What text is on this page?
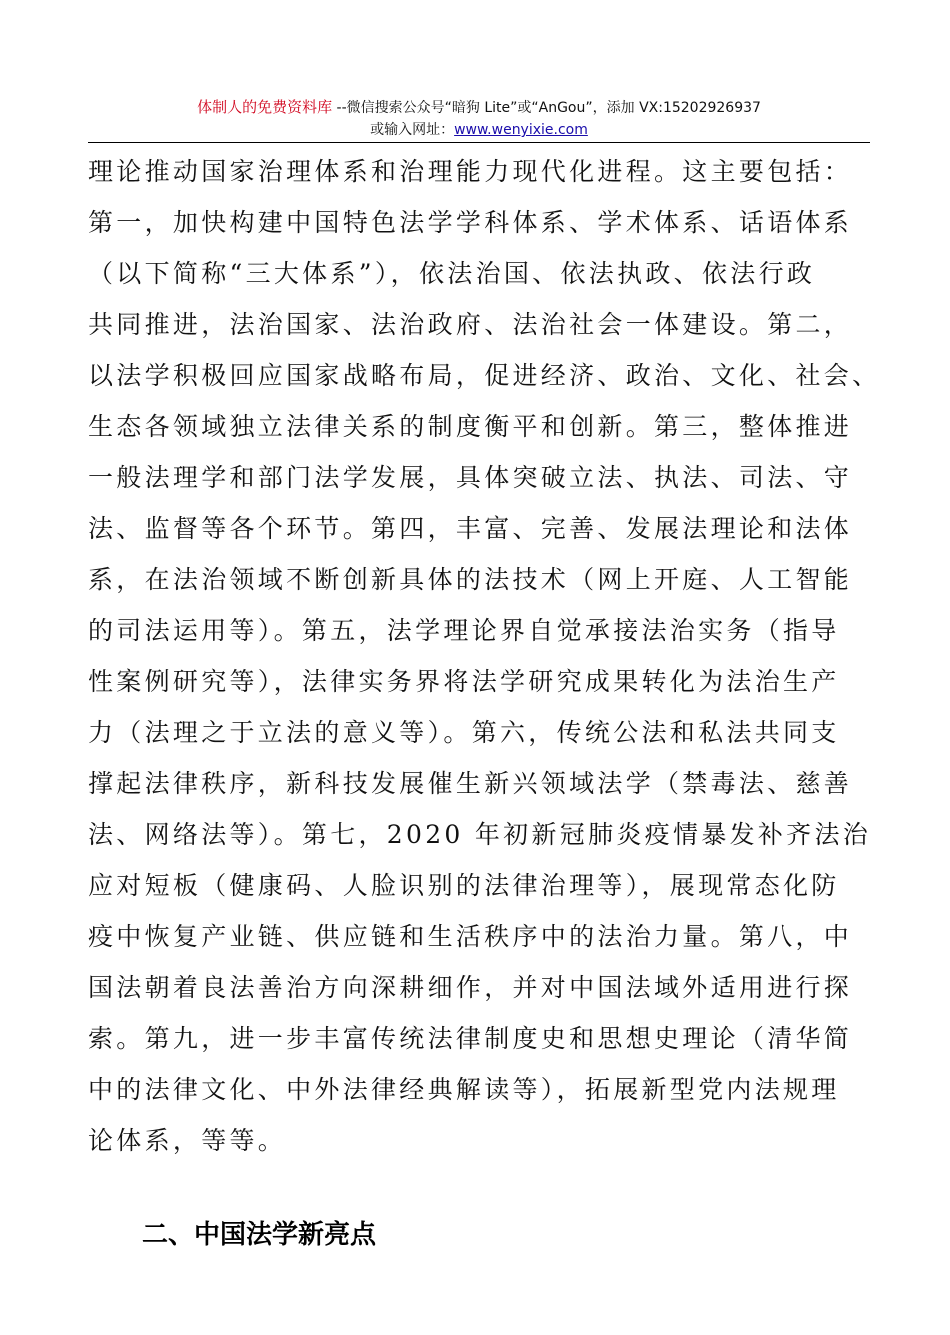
体制人的免费资料库 --微信搜索公众号“暗狗 Lite”或“AnGou”，添加 VX:15202926937
或输入网址：www.wenyixie.com
理论推动国家治理体系和治理能力现代化进程。这主要包括：
第一，加快构建中国特色法学学科体系、学术体系、话语体系
（以下简称“三大体系”），依法治国、依法执政、依法行政
共同推进，法治国家、法治政府、法治社会一体建设。第二，
以法学积极回应国家战略布局，促进经济、政治、文化、社会、
生态各领域独立法律关系的制度衡平和创新。第三，整体推进
一般法理学和部门法学发展，具体突破立法、执法、司法、守
法、监督等各个环节。第四，丰富、完善、发展法理论和法体
系，在法治领域不断创新具体的法技术（网上开庭、人工智能
的司法运用等）。第五，法学理论界自觉承接法治实务（指导
性案例研究等），法律实务界将法学研究成果转化为法治生产
力（法理之于立法的意义等）。第六，传统公法和私法共同支
撑起法律秩序，新科技发展催生新兴领域法学（禁毒法、慈善
法、网络法等）。第七，2020 年初新冠肺炎疫情暴发补齐法治
应对短板（健康码、人脸识别的法律治理等），展现常态化防
疫中恢复产业链、供应链和生活秩序中的法治力量。第八，中
国法朝着良法善治方向深耕细作，并对中国法域外适用进行探
索。第九，进一步丰富传统法律制度史和思想史理论（清华简
中的法律文化、中外法律经典解读等），拓展新型党内法规理
论体系，等等。
二、中国法学新亮点
